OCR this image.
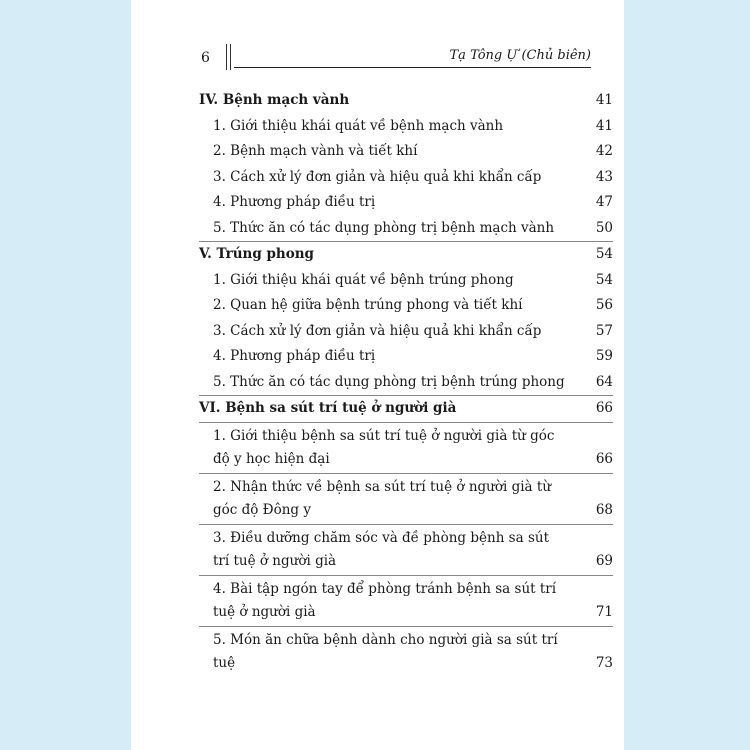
6	Tạ Tông Ự (Chủ biên)
IV. Bệnh mạch vành	41
1. Giới thiệu khái quát về bệnh mạch vành	41
2. Bệnh mạch vành và tiết khí	42
3. Cách xử lý đơn giản và hiệu quả khi khẩn cấp	43
4. Phương pháp điều trị	47
5. Thức ăn có tác dụng phòng trị bệnh mạch vành	50
V. Trúng phong	54
1. Giới thiệu khái quát về bệnh trúng phong	54
2. Quan hệ giữa bệnh trúng phong và tiết khí	56
3. Cách xử lý đơn giản và hiệu quả khi khẩn cấp	57
4. Phương pháp điều trị	59
5. Thức ăn có tác dụng phòng trị bệnh trúng phong	64
VI. Bệnh sa sút trí tuệ ở người già	66
1. Giới thiệu bệnh sa sút trí tuệ ở người già từ góc độ y học hiện đại	66
2. Nhận thức về bệnh sa sút trí tuệ ở người già từ góc độ Đông y	68
3. Điều dưỡng chăm sóc và đề phòng bệnh sa sút trí tuệ ở người già	69
4. Bài tập ngón tay để phòng tránh bệnh sa sút trí tuệ ở người già	71
5. Món ăn chữa bệnh dành cho người già sa sút trí tuệ	73
